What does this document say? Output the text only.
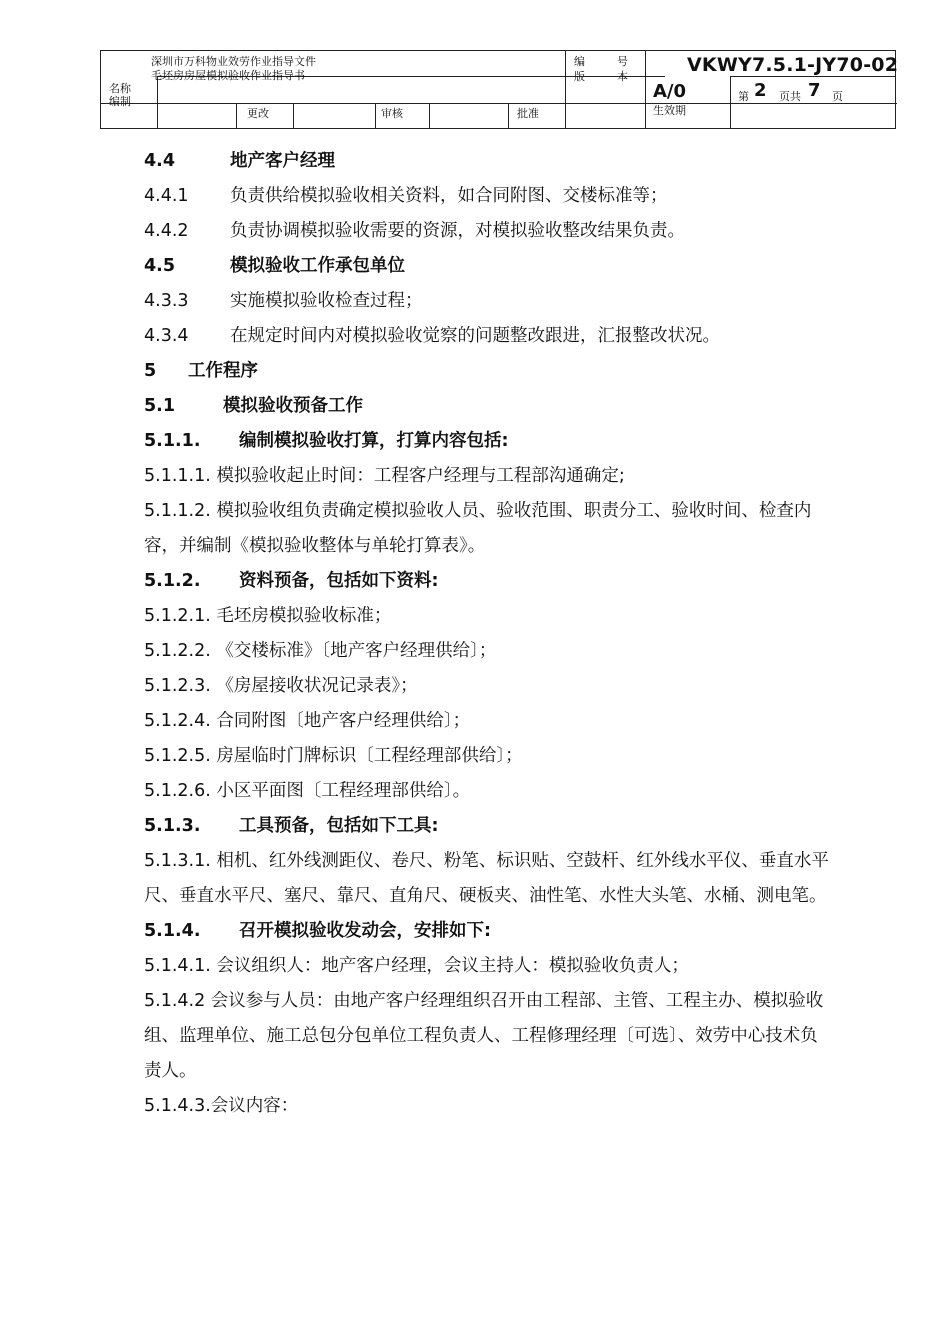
深圳市万科物业效劳作业指导文件
毛坯房房屋模拟验收作业指导书
名称
编制
更改	审核	批准
编	号
版	本
VKWY7.5.1-JY70-02
A/0	第 2 页共 7 页
生效期
4.4	地产客户经理
4.4.1 负责供给模拟验收相关资料，如合同附图、交楼标准等；
4.4.2 负责协调模拟验收需要的资源，对模拟验收整改结果负责。
4.5	模拟验收工作承包单位
4.3.3 实施模拟验收检查过程；
4.3.4 在规定时间内对模拟验收觉察的问题整改跟进，汇报整改状况。
5 工作程序
5.1	模拟验收预备工作
5.1.1. 编制模拟验收打算，打算内容包括:
5.1.1.1. 模拟验收起止时间：工程客户经理与工程部沟通确定;
5.1.1.2. 模拟验收组负责确定模拟验收人员、验收范围、职责分工、验收时间、检查内容，并编制《模拟验收整体与单轮打算表》。
5.1.2. 资料预备，包括如下资料:
5.1.2.1. 毛坯房模拟验收标准；
5.1.2.2. 《交楼标准》〔地产客户经理供给〕；
5.1.2.3. 《房屋接收状况记录表》；
5.1.2.4. 合同附图〔地产客户经理供给〕；
5.1.2.5. 房屋临时门牌标识〔工程经理部供给〕；
5.1.2.6. 小区平面图〔工程经理部供给〕。
5.1.3. 工具预备，包括如下工具:
5.1.3.1. 相机、红外线测距仪、卷尺、粉笔、标识贴、空鼓杆、红外线水平仪、垂直水平尺、垂直水平尺、塞尺、靠尺、直角尺、硬板夹、油性笔、水性大头笔、水桶、测电笔。
5.1.4. 召开模拟验收发动会，安排如下:
5.1.4.1. 会议组织人：地产客户经理，会议主持人：模拟验收负责人；
5.1.4.2 会议参与人员：由地产客户经理组织召开由工程部、主管、工程主办、模拟验收组、监理单位、施工总包分包单位工程负责人、工程修理经理〔可选〕、效劳中心技术负责人。
5.1.4.3.会议内容：
